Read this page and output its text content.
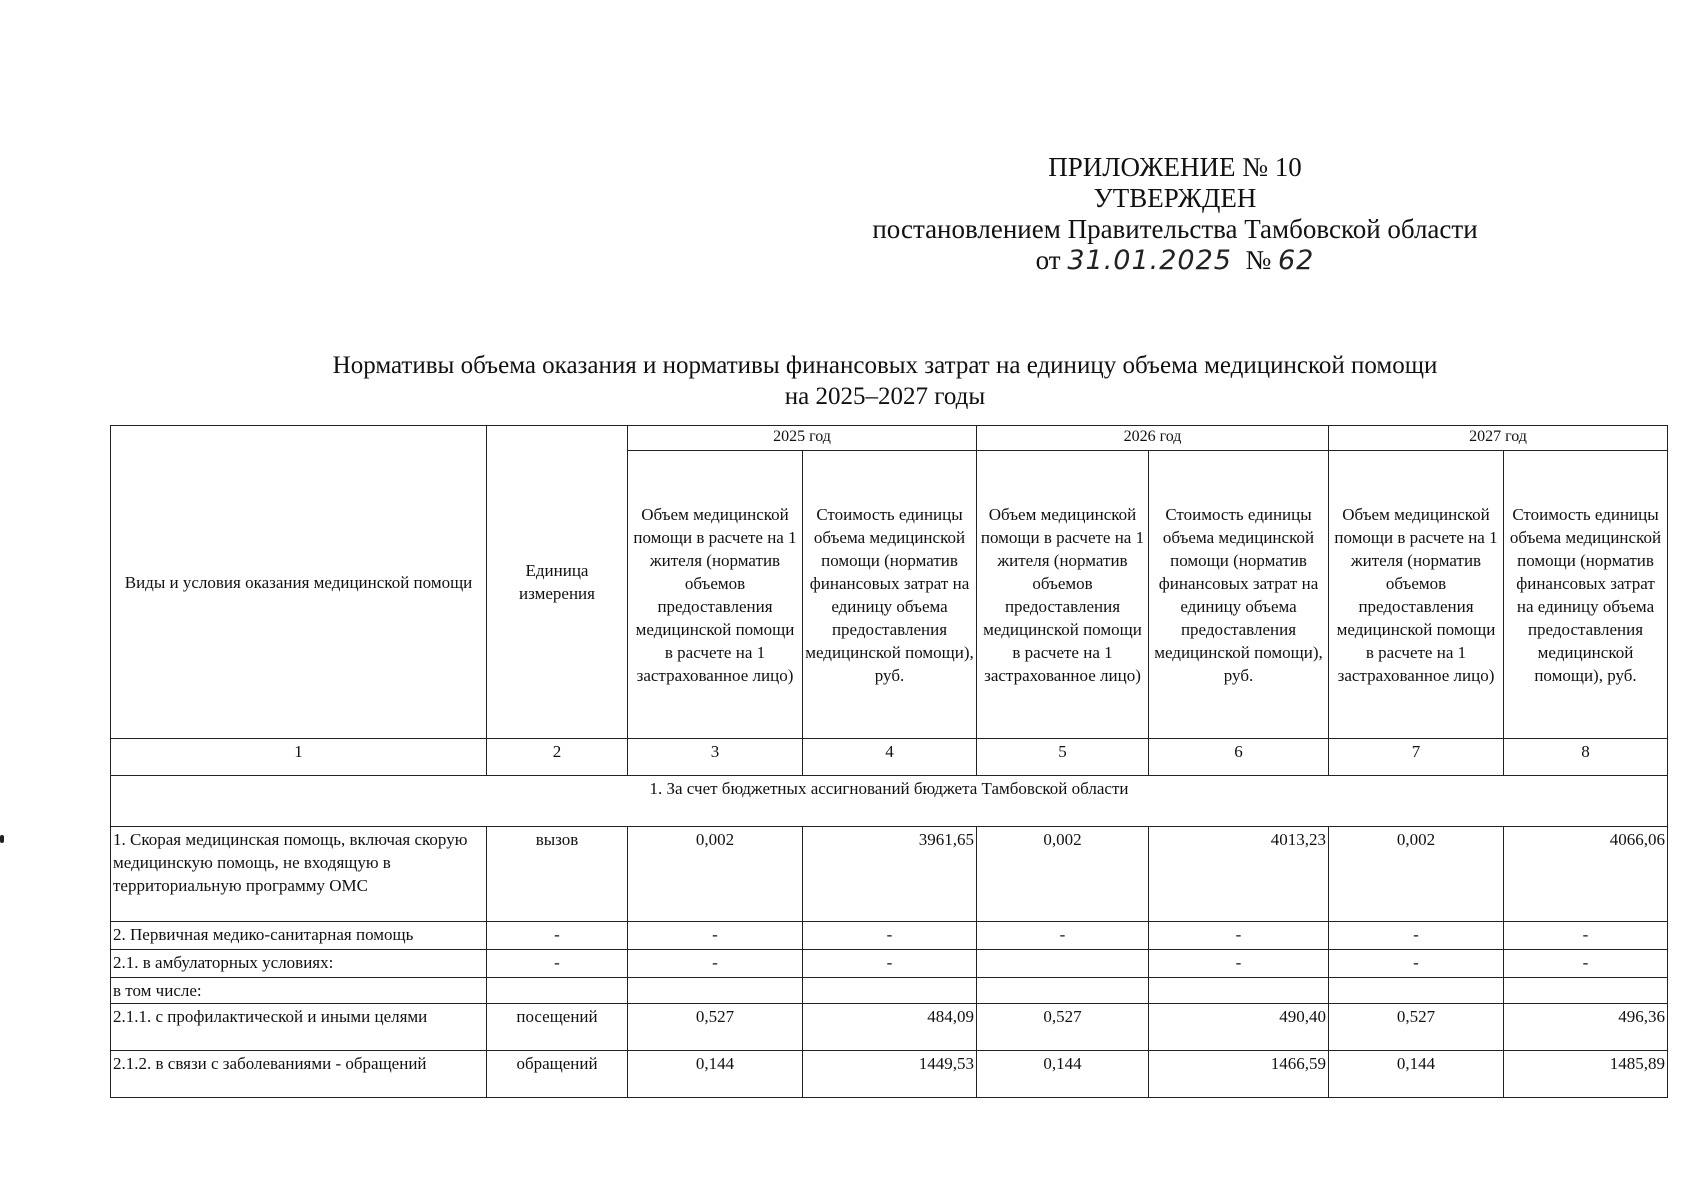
ПРИЛОЖЕНИЕ № 10
УТВЕРЖДЕН
постановлением Правительства Тамбовской области
от 31.01.2025 № 62
Нормативы объема оказания и нормативы финансовых затрат на единицу объема медицинской помощи
на 2025–2027 годы
Виды и условия оказания медицинской помощи	Единица измерения	2025 год		2026 год		2027 год	
		Объем медицинской помощи в расчете на 1 жителя (норматив объемов предоставления медицинской помощи в расчете на 1 застрахованное лицо)	Стоимость единицы объема медицинской помощи (норматив финансовых затрат на единицу объема предоставления медицинской помощи), руб.	Объем медицинской помощи в расчете на 1 жителя (норматив объемов предоставления медицинской помощи в расчете на 1 застрахованное лицо)	Стоимость единицы объема медицинской помощи (норматив финансовых затрат на единицу объема предоставления медицинской помощи), руб.	Объем медицинской помощи в расчете на 1 жителя (норматив объемов предоставления медицинской помощи в расчете на 1 застрахованное лицо)	Стоимость единицы объема медицинской помощи (норматив финансовых затрат на единицу объема предоставления медицинской помощи), руб.
1	2	3	4	5	6	7	8
1. За счет бюджетных ассигнований бюджета Тамбовской области							
1. Скорая медицинская помощь, включая скорую медицинскую помощь, не входящую в территориальную программу ОМС	вызов	0,002	3961,65	0,002	4013,23	0,002	4066,06
2. Первичная медико-санитарная помощь	-	-	-	-	-	-	-
2.1. в амбулаторных условиях:	-	-	-		-	-	-
в том числе:							
2.1.1. с профилактической и иными целями	посещений	0,527	484,09	0,527	490,40	0,527	496,36
2.1.2. в связи с заболеваниями - обращений	обращений	0,144	1449,53	0,144	1466,59	0,144	1485,89
